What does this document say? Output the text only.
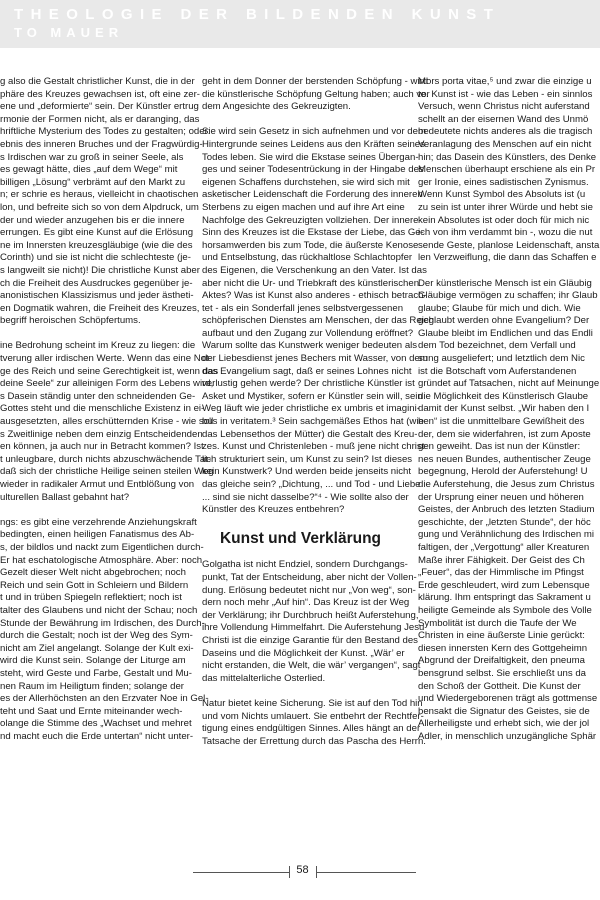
THEOLOGIE DER BILDENDEN KUNST
TO MAUER

g also die Gestalt christlicher Kunst, die in der
phäre des Kreuzes gewachsen ist, oft eine zer-
ene und „deformierte“ sein. Der Künstler ertrug
rmonie der Formen nicht, als er daranging, das
hriftliche Mysterium des Todes zu gestalten; oder:
ebnis des inneren Bruches und der Fragwürdig-
s Irdischen war zu groß in seiner Seele, als
es gewagt hätte, dies „auf dem Wege“ mit
billigen „Lösung“ verbrämt auf den Markt zu
n; er schrie es heraus, vielleicht in chaotischen
lon, und befreite sich so von dem Alpdruck, um
der und wieder anzugehen bis er die innere
errungen. Es gibt eine Kunst auf die Erlösung
ne im Innersten kreuzesgläubige (wie die des
Corinth) und sie ist nicht die schlechteste (je-
s langweilt sie nicht)! Die christliche Kunst aber
ch die Freiheit des Ausdruckes gegenüber je-
anonistischen Klassizismus und jeder ästheti-
en Dogmatik wahren, die Freiheit des Kreuzes,
begriff heroischen Schöpfertums.

ine Bedrohung scheint im Kreuz zu liegen: die
tverung aller irdischen Werte. Wenn das eine Not-
ge des Reich und seine Gerechtigkeit ist, wenn das
deine Seele“ zur alleinigen Form des Lebens wird,
s Dasein ständig unter den schneidenden Ge-
Gottes steht und die menschliche Existenz in ei-
ausgesetzten, alles erschütternden Krise - wie soll
s Zweitlinige neben dem einzig Entscheidenden
en können, ja auch nur in Betracht kommen? Ist
t unleugbare, durch nichts abzuschwächende Tat-
daß sich der christliche Heilige seinen steilen Weg
wieder in radikaler Armut und Entblößung von
ulturellen Ballast gebahnt hat?

ngs: es gibt eine verzehrende Anziehungskraft
bedingten, einen heiligen Fanatismus des Ab-
s, der bildlos und nackt zum Eigentlichen durch-
Er hat eschatologische Atmosphäre. Aber: noch
Gezelt dieser Welt nicht abgebrochen; noch
Reich und sein Gott in Schleiern und Bildern
t und in trüben Spiegeln reflektiert; noch ist
talter des Glaubens und nicht der Schau; noch
Stunde der Bewährung im Irdischen, des Durch-
durch die Gestalt; noch ist der Weg des Sym-
nicht am Ziel angelangt. Solange der Kult exi-
wird die Kunst sein. Solange der Liturge am
steht, wird Geste und Farbe, Gestalt und Mu-
nen Raum im Heiligtum finden; solange der
es der Allerhöchsten an den Erzvater Noe in Gel-
teht und Saat und Ernte miteinander wech-
olange die Stimme des „Wachset und mehret
nd macht euch die Erde untertan“ nicht unter-

geht in dem Donner der berstenden Schöpfung - wird
die künstlerische Schöpfung Geltung haben; auch vor
dem Angesichte des Gekreuzigten.

Sie wird sein Gesetz in sich aufnehmen und vor dem
Hintergrunde seines Leidens aus den Kräften seines
Todes leben. Sie wird die Ekstase seines Übergan-
ges und seiner Todesentrückung in der Hingabe des
eigenen Schaffens durchstehen, sie wird sich mit
asketischer Leidenschaft die Forderung des inneren
Sterbens zu eigen machen und auf ihre Art eine
Nachfolge des Gekreuzigten vollziehen. Der innere
Sinn des Kreuzes ist die Ekstase der Liebe, das Ge-
horsamwerden bis zum Tode, die äußerste Kenose
und Entselbstung, das rückhaltlose Schlachtopfer
des Eigenen, die Verschenkung an den Vater. Ist das
aber nicht die Ur- und Triebkraft des künstlerischen
Aktes? Was ist Kunst also anderes - ethisch betrach-
tet - als ein Sonderfall jenes selbstvergessenen
schöpferischen Dienstes am Menschen, der das Reich
aufbaut und den Zugang zur Vollendung eröffnet?
Warum sollte das Kunstwerk weniger bedeuten als
der Liebesdienst jenes Bechers mit Wasser, von dem
das Evangelium sagt, daß er seines Lohnes nicht
verlustig gehen werde? Der christliche Künstler ist
Asket und Mystiker, sofern er Künstler sein will, sein
Weg läuft wie jeder christliche ex umbris et imagini-
bus in veritatem.³ Sein sachgemäßes Ethos hat (wie
das Lebensethos der Mütter) die Gestalt des Kreu-
zes. Kunst und Christenleben - muß jene nicht christ-
lich strukturiert sein, um Kunst zu sein? Ist dieses
kein Kunstwerk? Und werden beide jenseits nicht
das gleiche sein? „Dichtung, ... und Tod - und Liebe
... sind sie nicht dasselbe?“⁴ - Wie sollte also der
Künstler des Kreuzes entbehren?

Kunst und Verklärung

Golgatha ist nicht Endziel, sondern Durchgangs-
punkt, Tat der Entscheidung, aber nicht der Vollen-
dung. Erlösung bedeutet nicht nur „Von weg“, son-
dern noch mehr „Auf hin“. Das Kreuz ist der Weg
der Verklärung; ihr Durchbruch heißt Auferstehung,
ihre Vollendung Himmelfahrt. Die Auferstehung Jesu
Christi ist die einzige Garantie für den Bestand des
Daseins und die Möglichkeit der Kunst. „Wär’ er
nicht erstanden, die Welt, die wär’ vergangen“, sagt
das mittelalterliche Osterlied.

Natur bietet keine Sicherung. Sie ist auf den Tod hin
und vom Nichts umlauert. Sie entbehrt der Rechtfer-
tigung eines endgültigen Sinnes. Alles hängt an der
Tatsache der Errettung durch das Pascha des Herrn.

Mors porta vitae,⁵ und zwar die einzige u
te. Kunst ist - wie das Leben - ein sinnlos
Versuch, wenn Christus nicht auferstand
schellt an der eisernen Wand des Unmö
bedeutete nichts anderes als die tragisch
Veranlagung des Menschen auf ein nicht
hin; das Dasein des Künstlers, des Denke
Menschen überhaupt erschiene als ein Pr
ger Ironie, eines sadistischen Zynismus.
Wenn Kunst Symbol des Absoluts ist (u
zu sein ist unter ihrer Würde und hebt sie
kein Absolutes ist oder doch für mich nic
ich von ihm verdammt bin -, wozu die nut
sende Geste, planlose Leidenschaft, ansta
len Verzweiflung, die dann das Schaffen e

Der künstlerische Mensch ist ein Gläubig
Gläubige vermögen zu schaffen; ihr Glaub
glaube; Glaube für mich und dich. Wie
geglaubt werden ohne Evangelium? Der
Glaube bleibt im Endlichen und das Endli
dem Tod bezeichnet, dem Verfall und
sung ausgeliefert; und letztlich dem Nic
ist die Botschaft vom Auferstandenen
gründet auf Tatsachen, nicht auf Meinunge
die Möglichkeit des Künstlerisch Glaube
damit der Kunst selbst. „Wir haben den I
hen“ ist die unmittelbare Gewißheit des
der, dem sie widerfahren, ist zum Aposte
gen geweiht. Das ist nun der Künstler:
nes neuen Bundes, authentischer Zeuge
begegnung, Herold der Auferstehung! U
die Auferstehung, die Jesus zum Christus
der Ursprung einer neuen und höheren
Geistes, der Anbruch des letzten Stadium
geschichte, der „letzten Stunde“, der höc
gung und Verähnlichung des Irdischen mi
faltigen, der „Vergottung“ aller Kreaturen
Maße ihrer Fähigkeit. Der Geist des Ch
„Feuer“, das der Himmlische im Pfingst
Erde geschleudert, wird zum Lebensque
klärung. Ihm entspringt das Sakrament u
heiligte Gemeinde als Symbole des Volle
Symbolität ist durch die Taufe der We
Christen in eine äußerste Linie gerückt:
diesen innersten Kern des Gottgeheimn
Abgrund der Dreifaltigkeit, den pneuma
bensgrund selbst. Sie erschließt uns da
den Schoß der Gottheit. Die Kunst der
und Wiedergeborenen trägt als gottmense
bensakt die Signatur des Geistes, sie de
Allerheiligste und erhebt sich, wie der jol
Adler, in menschlich unzugängliche Sphär

58
